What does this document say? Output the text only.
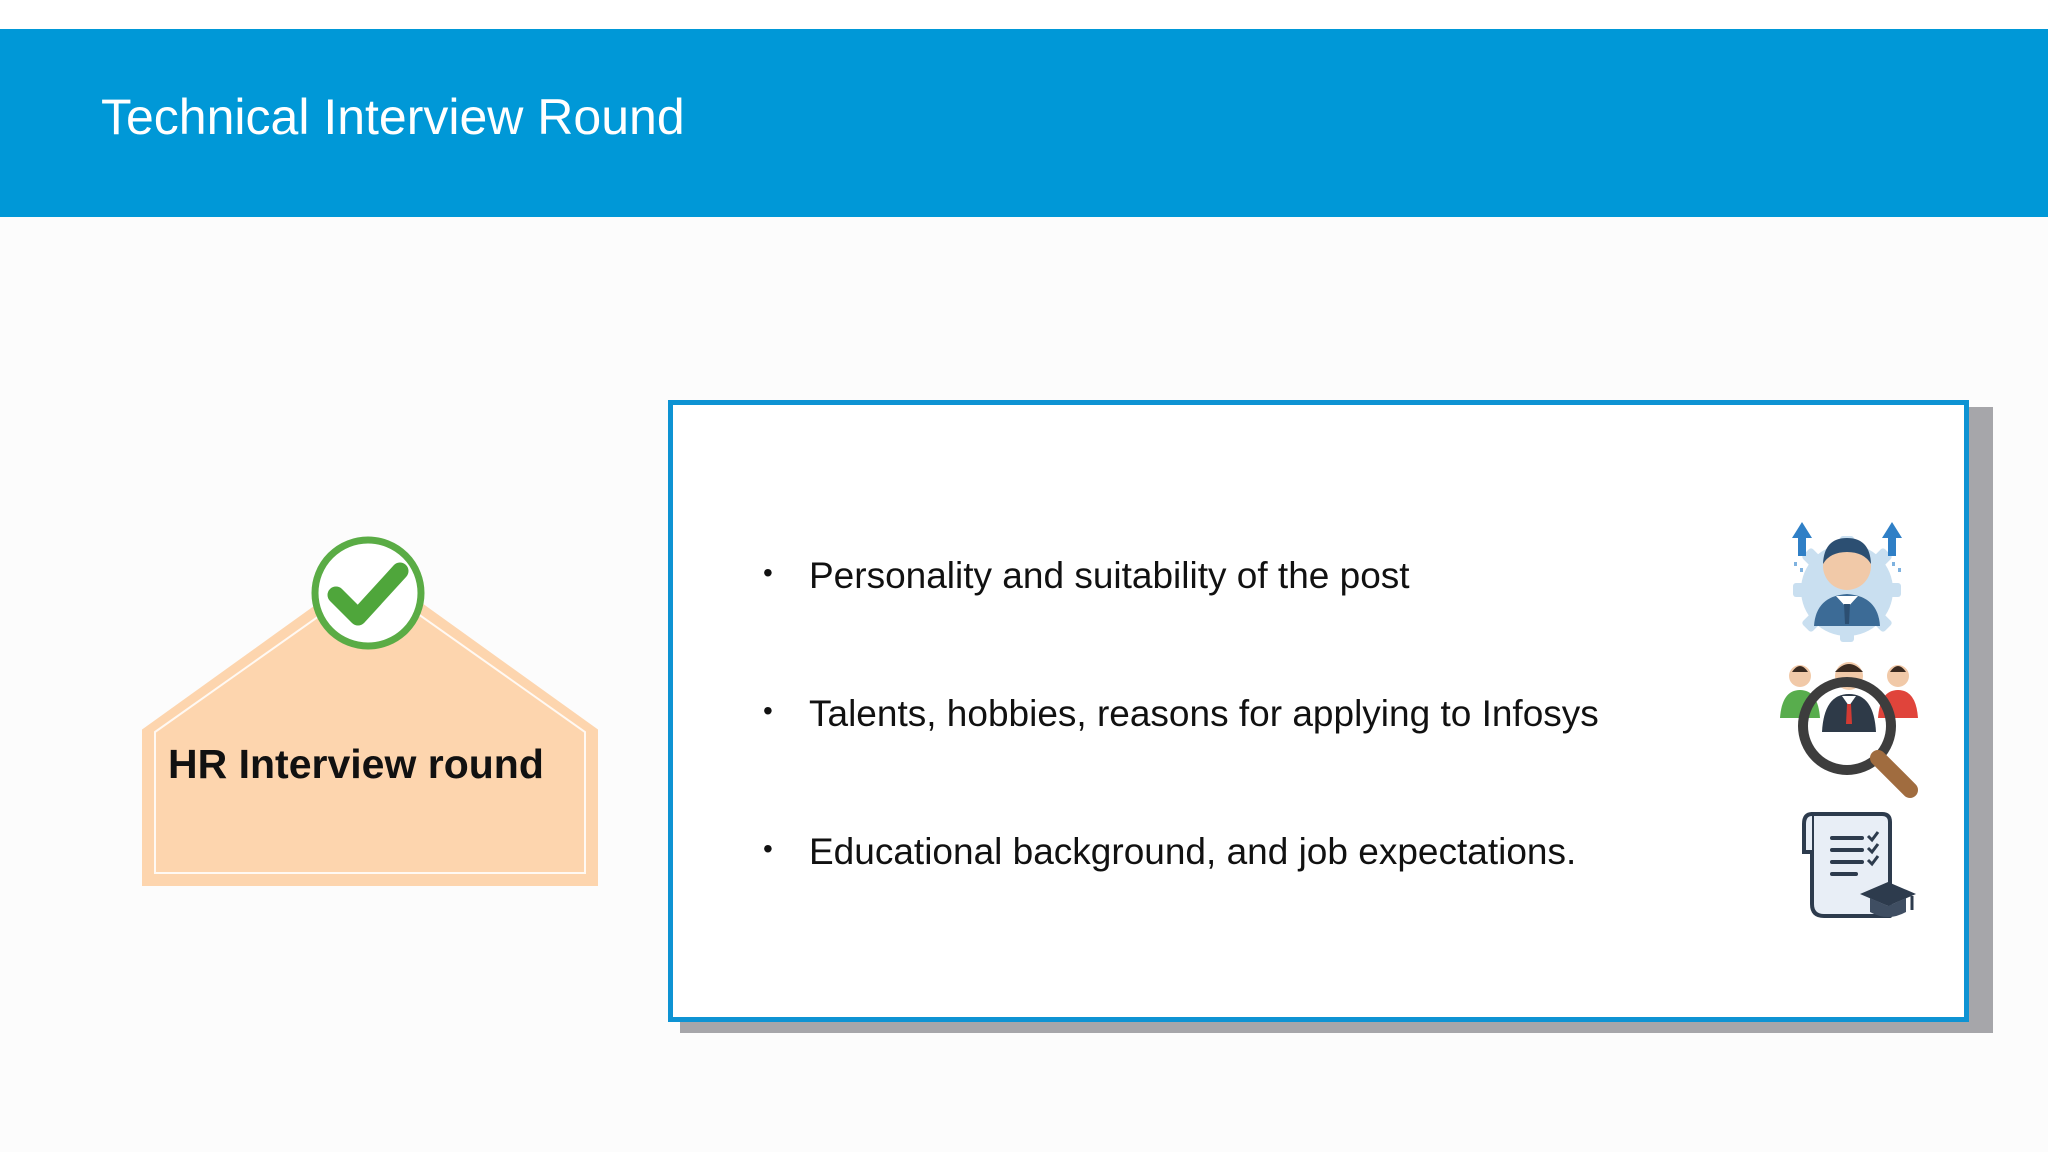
Technical Interview Round
HR Interview round
• Personality and suitability of the post
• Talents, hobbies, reasons for applying to Infosys
• Educational background, and job expectations.
